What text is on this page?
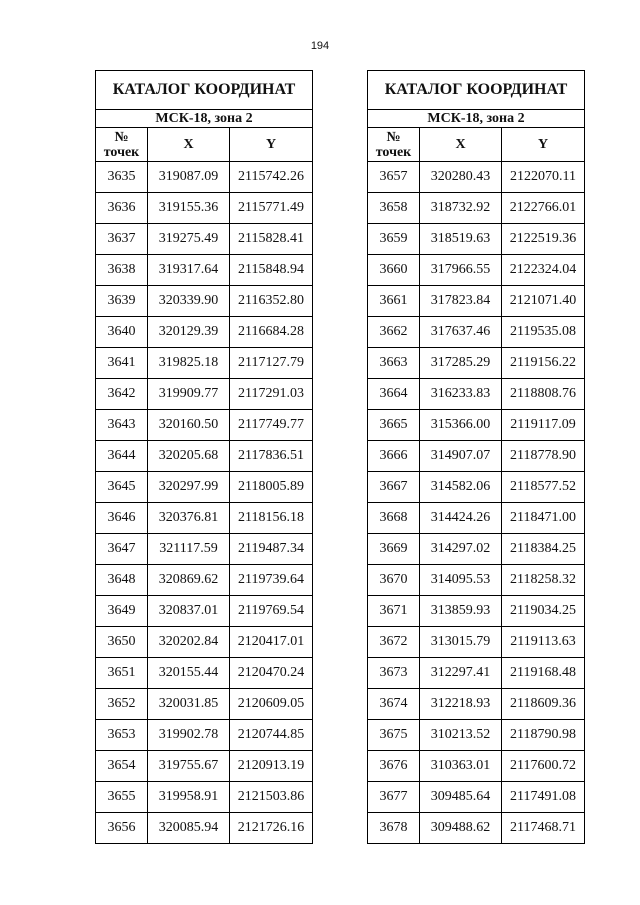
194
КАТАЛОГ КООРДИНАТ		
МСК-18, зона 2		
№
точек	X	Y
3635	319087.09	2115742.26
3636	319155.36	2115771.49
3637	319275.49	2115828.41
3638	319317.64	2115848.94
3639	320339.90	2116352.80
3640	320129.39	2116684.28
3641	319825.18	2117127.79
3642	319909.77	2117291.03
3643	320160.50	2117749.77
3644	320205.68	2117836.51
3645	320297.99	2118005.89
3646	320376.81	2118156.18
3647	321117.59	2119487.34
3648	320869.62	2119739.64
3649	320837.01	2119769.54
3650	320202.84	2120417.01
3651	320155.44	2120470.24
3652	320031.85	2120609.05
3653	319902.78	2120744.85
3654	319755.67	2120913.19
3655	319958.91	2121503.86
3656	320085.94	2121726.16
КАТАЛОГ КООРДИНАТ		
МСК-18, зона 2		
№
точек	X	Y
3657	320280.43	2122070.11
3658	318732.92	2122766.01
3659	318519.63	2122519.36
3660	317966.55	2122324.04
3661	317823.84	2121071.40
3662	317637.46	2119535.08
3663	317285.29	2119156.22
3664	316233.83	2118808.76
3665	315366.00	2119117.09
3666	314907.07	2118778.90
3667	314582.06	2118577.52
3668	314424.26	2118471.00
3669	314297.02	2118384.25
3670	314095.53	2118258.32
3671	313859.93	2119034.25
3672	313015.79	2119113.63
3673	312297.41	2119168.48
3674	312218.93	2118609.36
3675	310213.52	2118790.98
3676	310363.01	2117600.72
3677	309485.64	2117491.08
3678	309488.62	2117468.71
